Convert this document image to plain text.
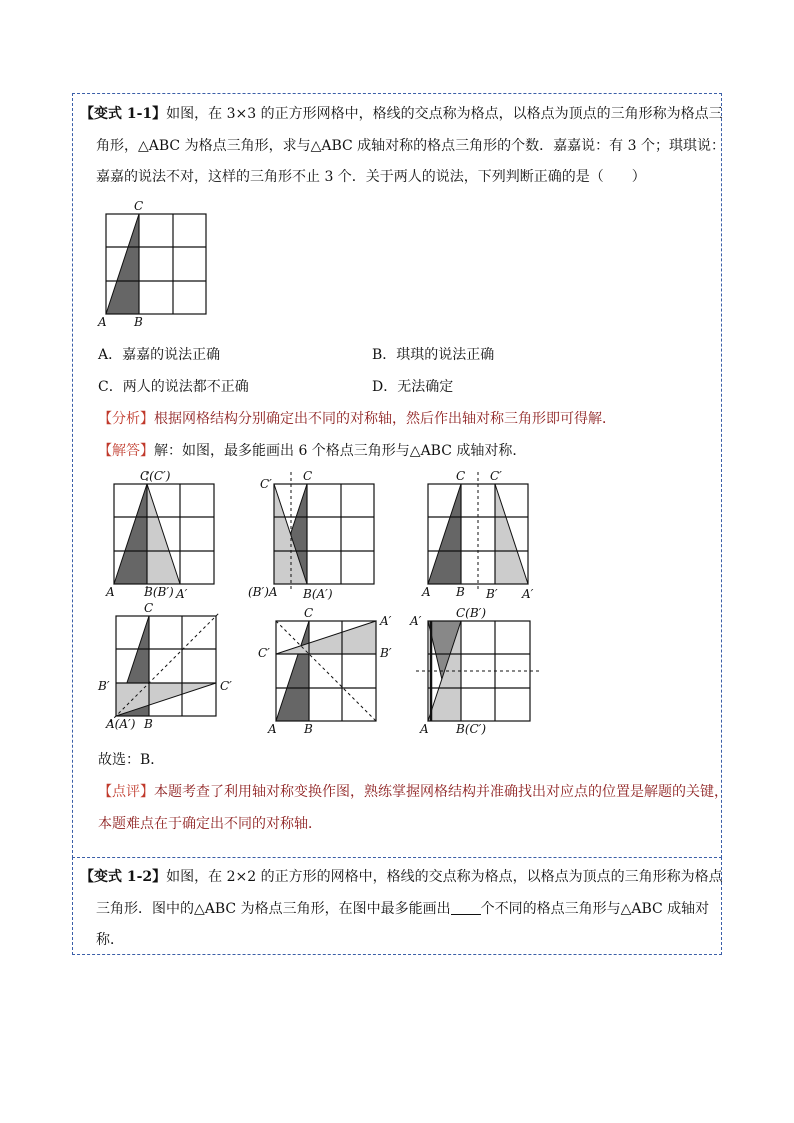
【变式 1-1】如图，在 3×3 的正方形网格中，格线的交点称为格点，以格点为顶点的三角形称为格点三
角形，△ABC 为格点三角形，求与△ABC 成轴对称的格点三角形的个数．嘉嘉说：有 3 个；琪琪说：
嘉嘉的说法不对，这样的三角形不止 3 个．关于两人的说法，下列判断正确的是（　　）
C
A B
A．嘉嘉的说法正确	B．琪琪的说法正确
C．两人的说法都不正确	D．无法确定
【分析】根据网格结构分别确定出不同的对称轴，然后作出轴对称三角形即可得解．
【解答】解：如图，最多能画出 6 个格点三角形与△ABC 成轴对称．
C(C′)
A B(B′) A′
C′
C
(B′)A B(A′)
C C′
A B B′ A′
C
B′	C′
A(A′) B
C
A′
C′	B′
A B
A′
C(B′)
A B(C′)
故选：B．
【点评】本题考查了利用轴对称变换作图，熟练掌握网格结构并准确找出对应点的位置是解题的关键，
本题难点在于确定出不同的对称轴．
【变式 1-2】如图，在 2×2 的正方形的网格中，格线的交点称为格点，以格点为顶点的三角形称为格点
三角形．图中的△ABC 为格点三角形，在图中最多能画出 个不同的格点三角形与△ABC 成轴对
称．
